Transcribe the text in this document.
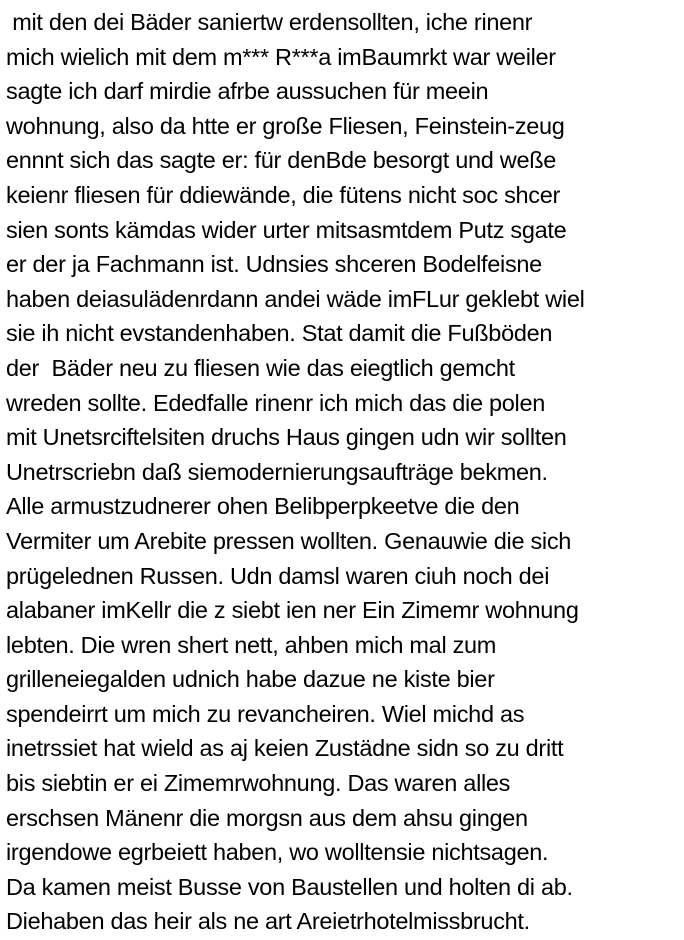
mit den dei Bäder saniertw erdensollten, iche rinenr
mich wielich mit dem m*** R***a imBaumrkt war weiler
sagte ich darf mirdie afrbe aussuchen für meein
wohnung, also da htte er große Fliesen, Feinstein-zeug
ennnt sich das sagte er: für denBde besorgt und weße
keienr fliesen für ddiewände, die fütens nicht soc shcer
sien sonts kämdas wider urter mitsasmtdem Putz sgate
er der ja Fachmann ist. Udnsies shceren Bodelfeisne
haben deiasulädenrdann andei wäde imFLur geklebt wiel
sie ih nicht evstandenhaben. Stat damit die Fußböden
der  Bäder neu zu fliesen wie das eiegtlich gemcht
wreden sollte. Ededfalle rinenr ich mich das die polen
mit Unetsrciftelsiten druchs Haus gingen udn wir sollten
Unetrscriebn daß siemodernierungsaufträge bekmen.
Alle armustzudnerer ohen Belibperpkeetve die den
Vermiter um Arebite pressen wollten. Genauwie die sich
prügelednen Russen. Udn damsl waren ciuh noch dei
alabaner imKellr die z siebt ien ner Ein Zimemr wohnung
lebten. Die wren shert nett, ahben mich mal zum
grilleneiegalden udnich habe dazue ne kiste bier
spendeirrt um mich zu revancheiren. Wiel michd as
inetrssiet hat wield as aj keien Zustädne sidn so zu dritt
bis siebtin er ei Zimemrwohnung. Das waren alles
erschsen Mänenr die morgsn aus dem ahsu gingen
irgendowe egrbeiett haben, wo wolltensie nichtsagen.
Da kamen meist Busse von Baustellen und holten di ab.
Diehaben das heir als ne art Areietrhotelmissbrucht.
